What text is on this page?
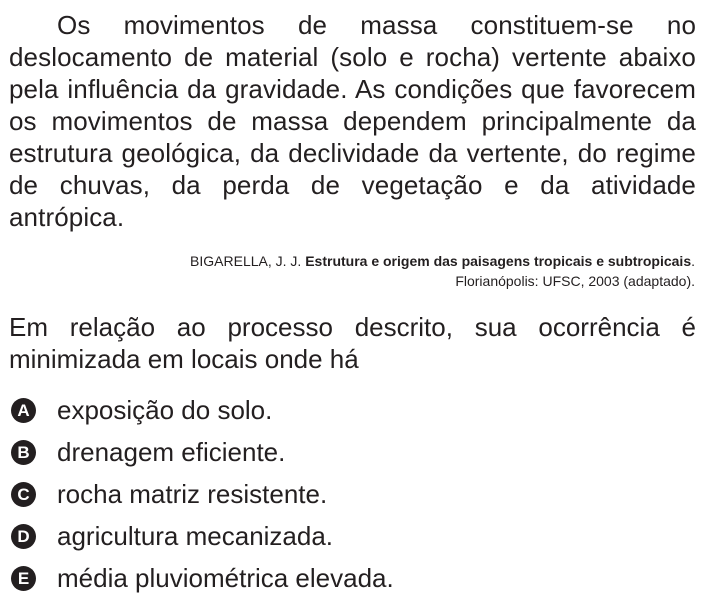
Os movimentos de massa constituem-se no deslocamento de material (solo e rocha) vertente abaixo pela influência da gravidade. As condições que favorecem os movimentos de massa dependem principalmente da estrutura geológica, da declividade da vertente, do regime de chuvas, da perda de vegetação e da atividade antrópica.

BIGARELLA, J. J. Estrutura e origem das paisagens tropicais e subtropicais.
Florianópolis: UFSC, 2003 (adaptado).

Em relação ao processo descrito, sua ocorrência é minimizada em locais onde há

A exposição do solo.
B drenagem eficiente.
C rocha matriz resistente.
D agricultura mecanizada.
E média pluviométrica elevada.
